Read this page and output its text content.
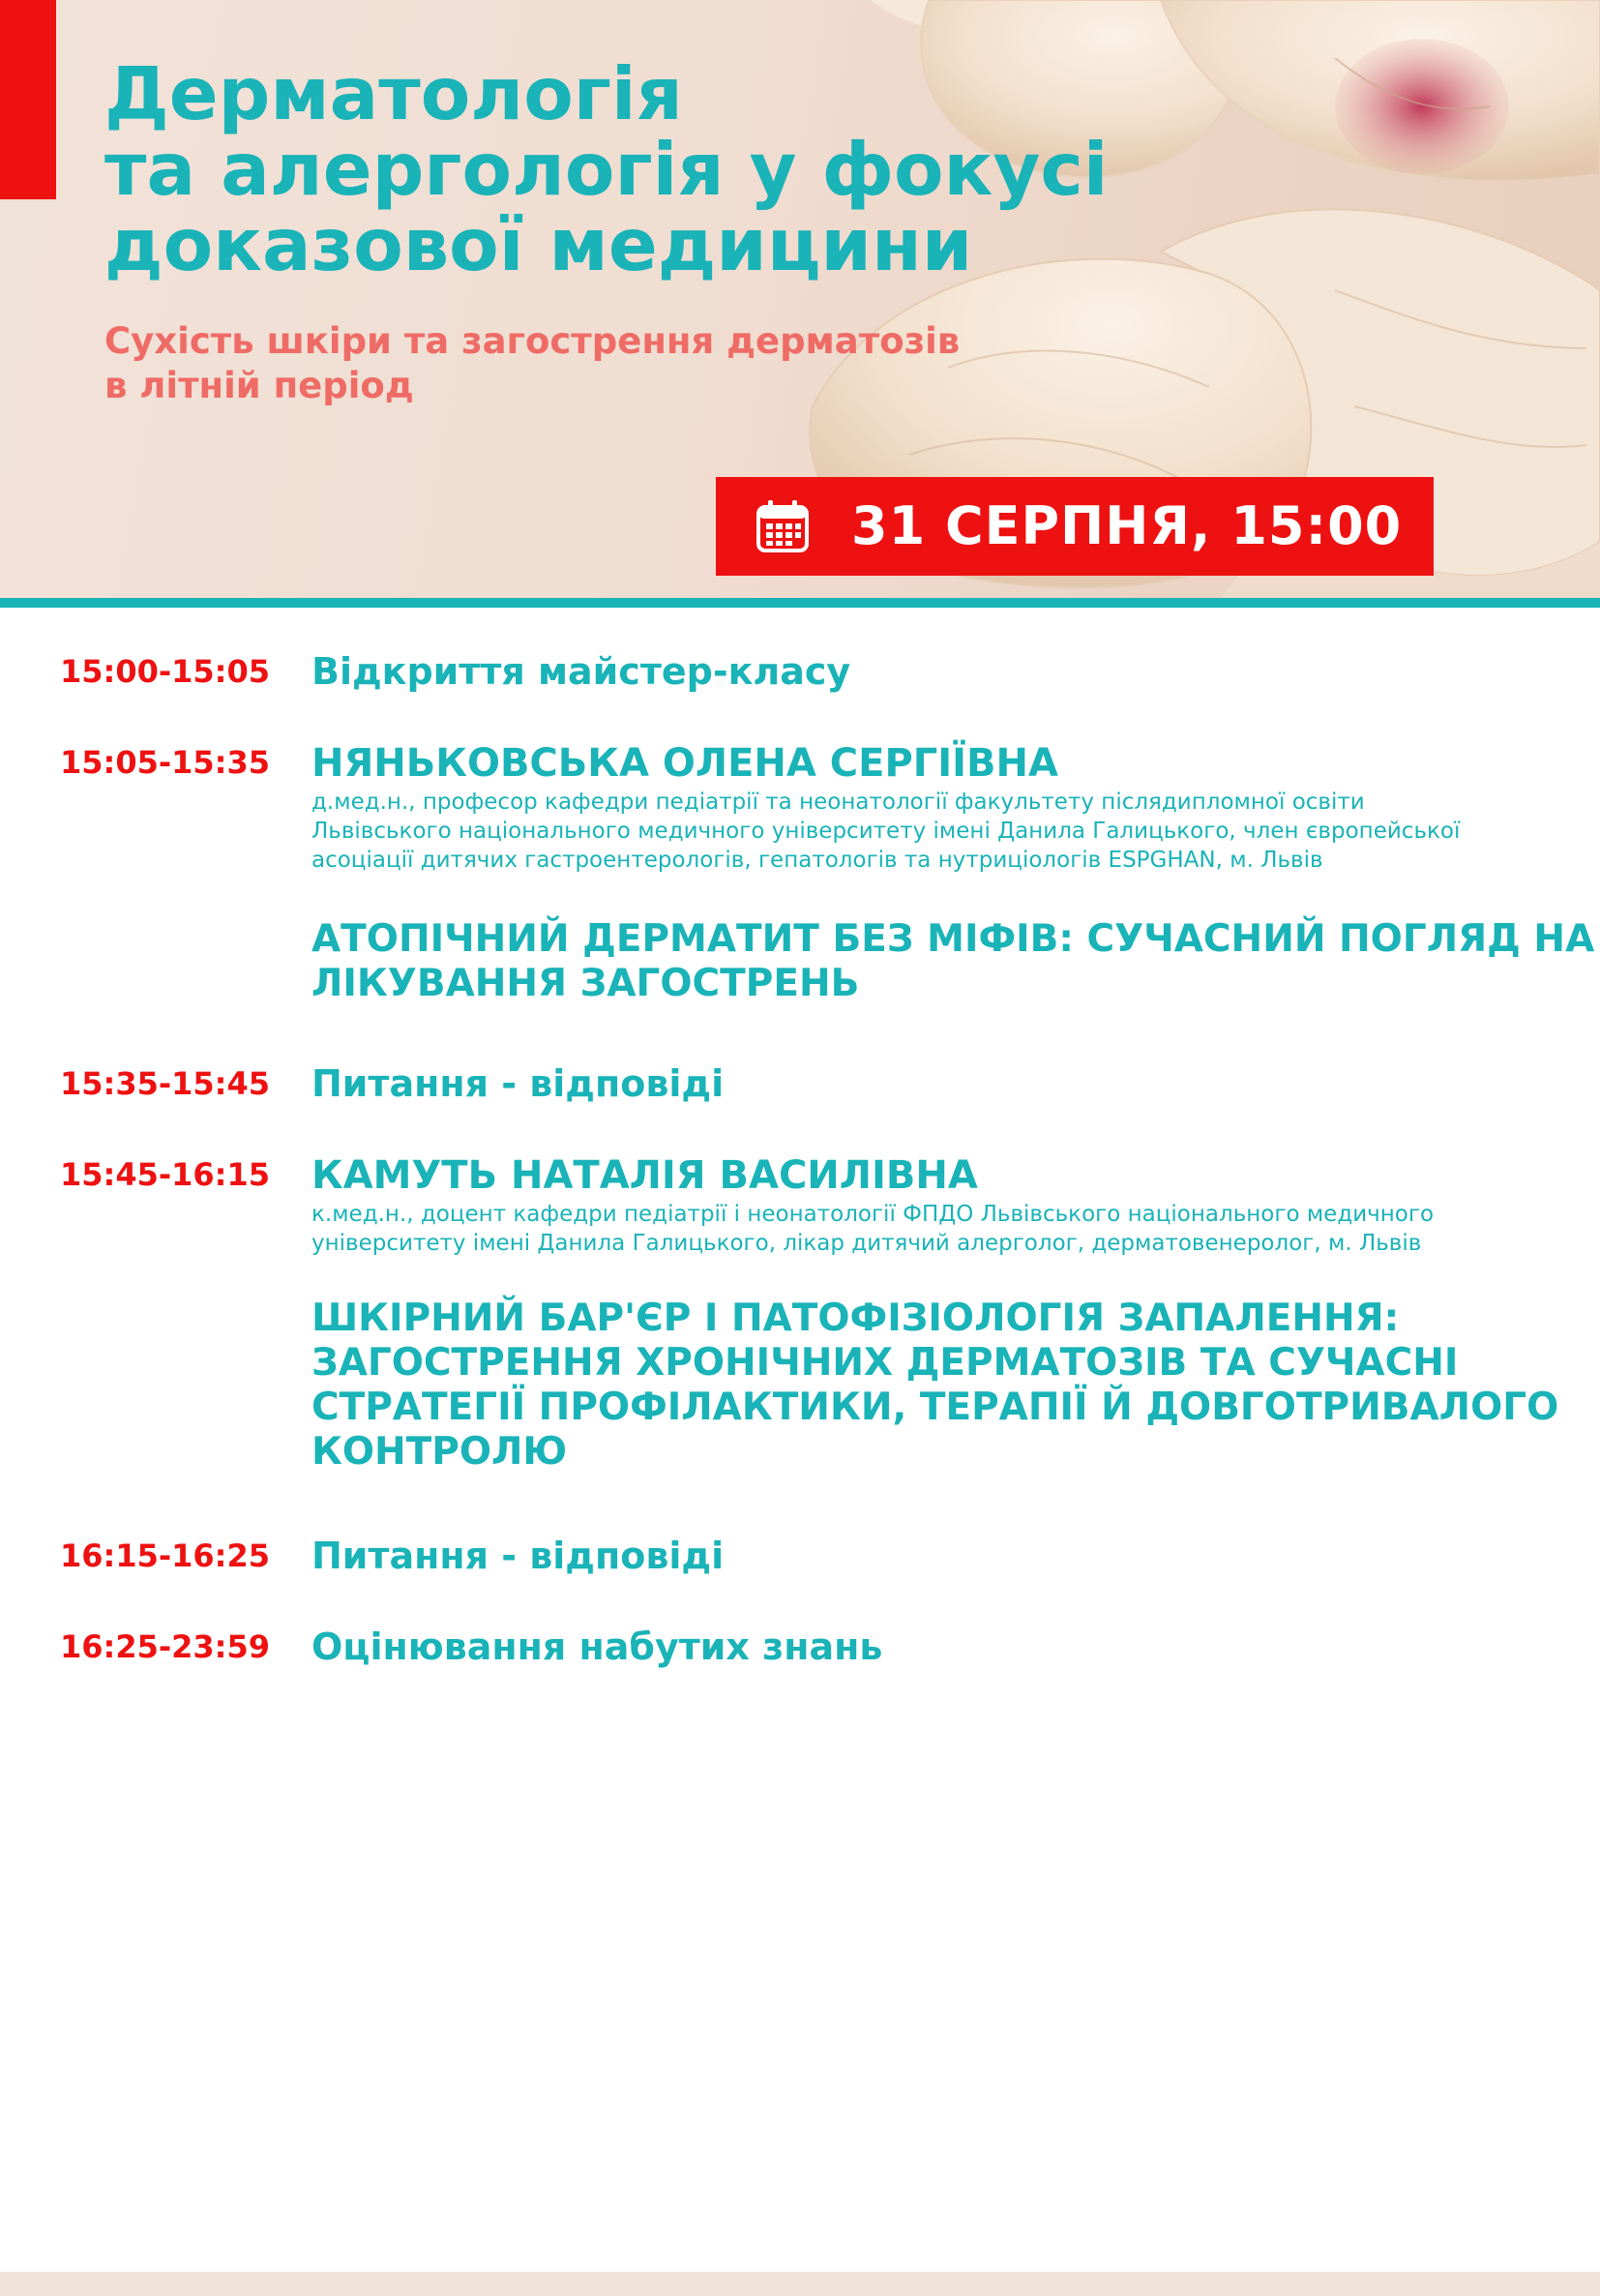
Дерматологія
та алергологія у фокусі
доказової медицини
Сухість шкіри та загострення дерматозів
в літній період
31 СЕРПНЯ, 15:00
15:00-15:05 Відкриття майстер-класу
15:05-15:35 НЯНЬКОВСЬКА ОЛЕНА СЕРГІЇВНА
д.мед.н., професор кафедри педіатрії та неонатології факультету післядипломної освіти
Львівського національного медичного університету імені Данила Галицького, член європейської
асоціації дитячих гастроентерологів, гепатологів та нутриціологів ESPGHAN, м. Львів
АТОПІЧНИЙ ДЕРМАТИТ БЕЗ МІФІВ: СУЧАСНИЙ ПОГЛЯД НА
ЛІКУВАННЯ ЗАГОСТРЕНЬ
15:35-15:45 Питання - відповіді
15:45-16:15 КАМУТЬ НАТАЛІЯ ВАСИЛІВНА
к.мед.н., доцент кафедри педіатрії і неонатології ФПДО Львівського національного медичного
університету імені Данила Галицького, лікар дитячий алерголог, дерматовенеролог, м. Львів
ШКІРНИЙ БАР'ЄР І ПАТОФІЗІОЛОГІЯ ЗАПАЛЕННЯ:
ЗАГОСТРЕННЯ ХРОНІЧНИХ ДЕРМАТОЗІВ ТА СУЧАСНІ
СТРАТЕГІЇ ПРОФІЛАКТИКИ, ТЕРАПІЇ Й ДОВГОТРИВАЛОГО
КОНТРОЛЮ
16:15-16:25 Питання - відповіді
16:25-23:59 Оцінювання набутих знань
